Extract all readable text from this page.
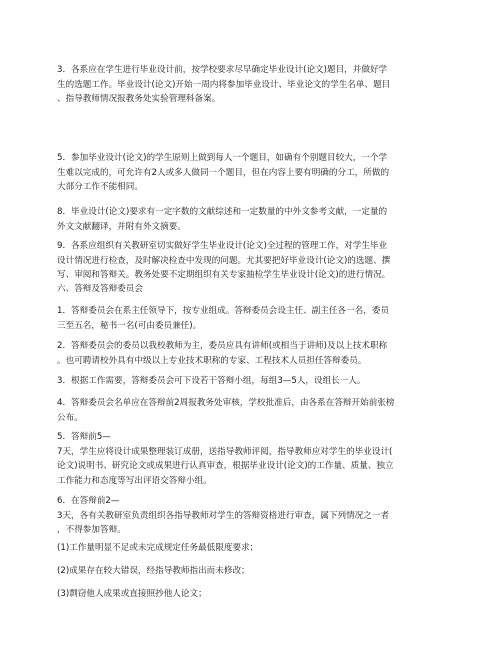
3．各系应在学生进行毕业设计前，按学校要求尽早确定毕业设计(论文)题目，并做好学
生的选题工作。毕业设计(论文)开始一周内将参加毕业设计、毕业论文的学生名单、题目
、指导教师情况报教务处实验管理科备案。
5．参加毕业设计(论文)的学生原则上做到每人一个题目，如确有个别题目较大，一个学
生难以完成的，可允许有2人或多人做同一个题目，但在内容上要有明确的分工，所做的
大部分工作不能相同。
8．毕业设计(论文)要求有一定字数的文献综述和一定数量的中外文参考文献，一定量的
外文文献翻译，并附有外文摘要。
9．各系应组织有关教研室切实做好学生毕业设计(论文)全过程的管理工作，对学生毕业
设计情况进行检查，及时解决检查中发现的问题。尤其要把好毕业设计(论文)的选题、撰
写、审阅和答辩关。教务处要不定期组织有关专家抽检学生毕业设计(论文)的进行情况。
六、答辩及答辩委员会
1．答辩委员会在系主任领导下，按专业组成。答辩委员会设主任、副主任各一名，委员
三至五名，秘书一名(可由委员兼任)。
2．答辩委员会的委员以我校教师为主，委员应具有讲师(或相当于讲师)及以上技术职称
。也可聘请校外具有中级以上专业技术职称的专家、工程技术人员担任答辩委员。
3．根据工作需要，答辩委员会可下设若干答辩小组，每组3—5人，设组长一人。
4．答辩委员会名单应在答辩前2周报教务处审核，学校批准后，由各系在答辩开始前张榜
公布。
5．答辩前5—
7天，学生应将设计成果整理装订成册，送指导教师评阅，指导教师应对学生的毕业设计(
论文)说明书、研究论文或成果进行认真审查，根据毕业设计(论文)的工作量、质量、独立
工作能力和态度等写出评语交答辩小组。
6．在答辩前2—
3天，各有关教研室负责组织各指导教师对学生的答辩资格进行审查，属下列情况之一者
，不得参加答辩。
(1)工作量明显不足或未完成规定任务最低限度要求；
(2)成果存在较大错误，经指导教师指出而未修改；
(3)剽窃他人成果或直接照抄他人论文；
